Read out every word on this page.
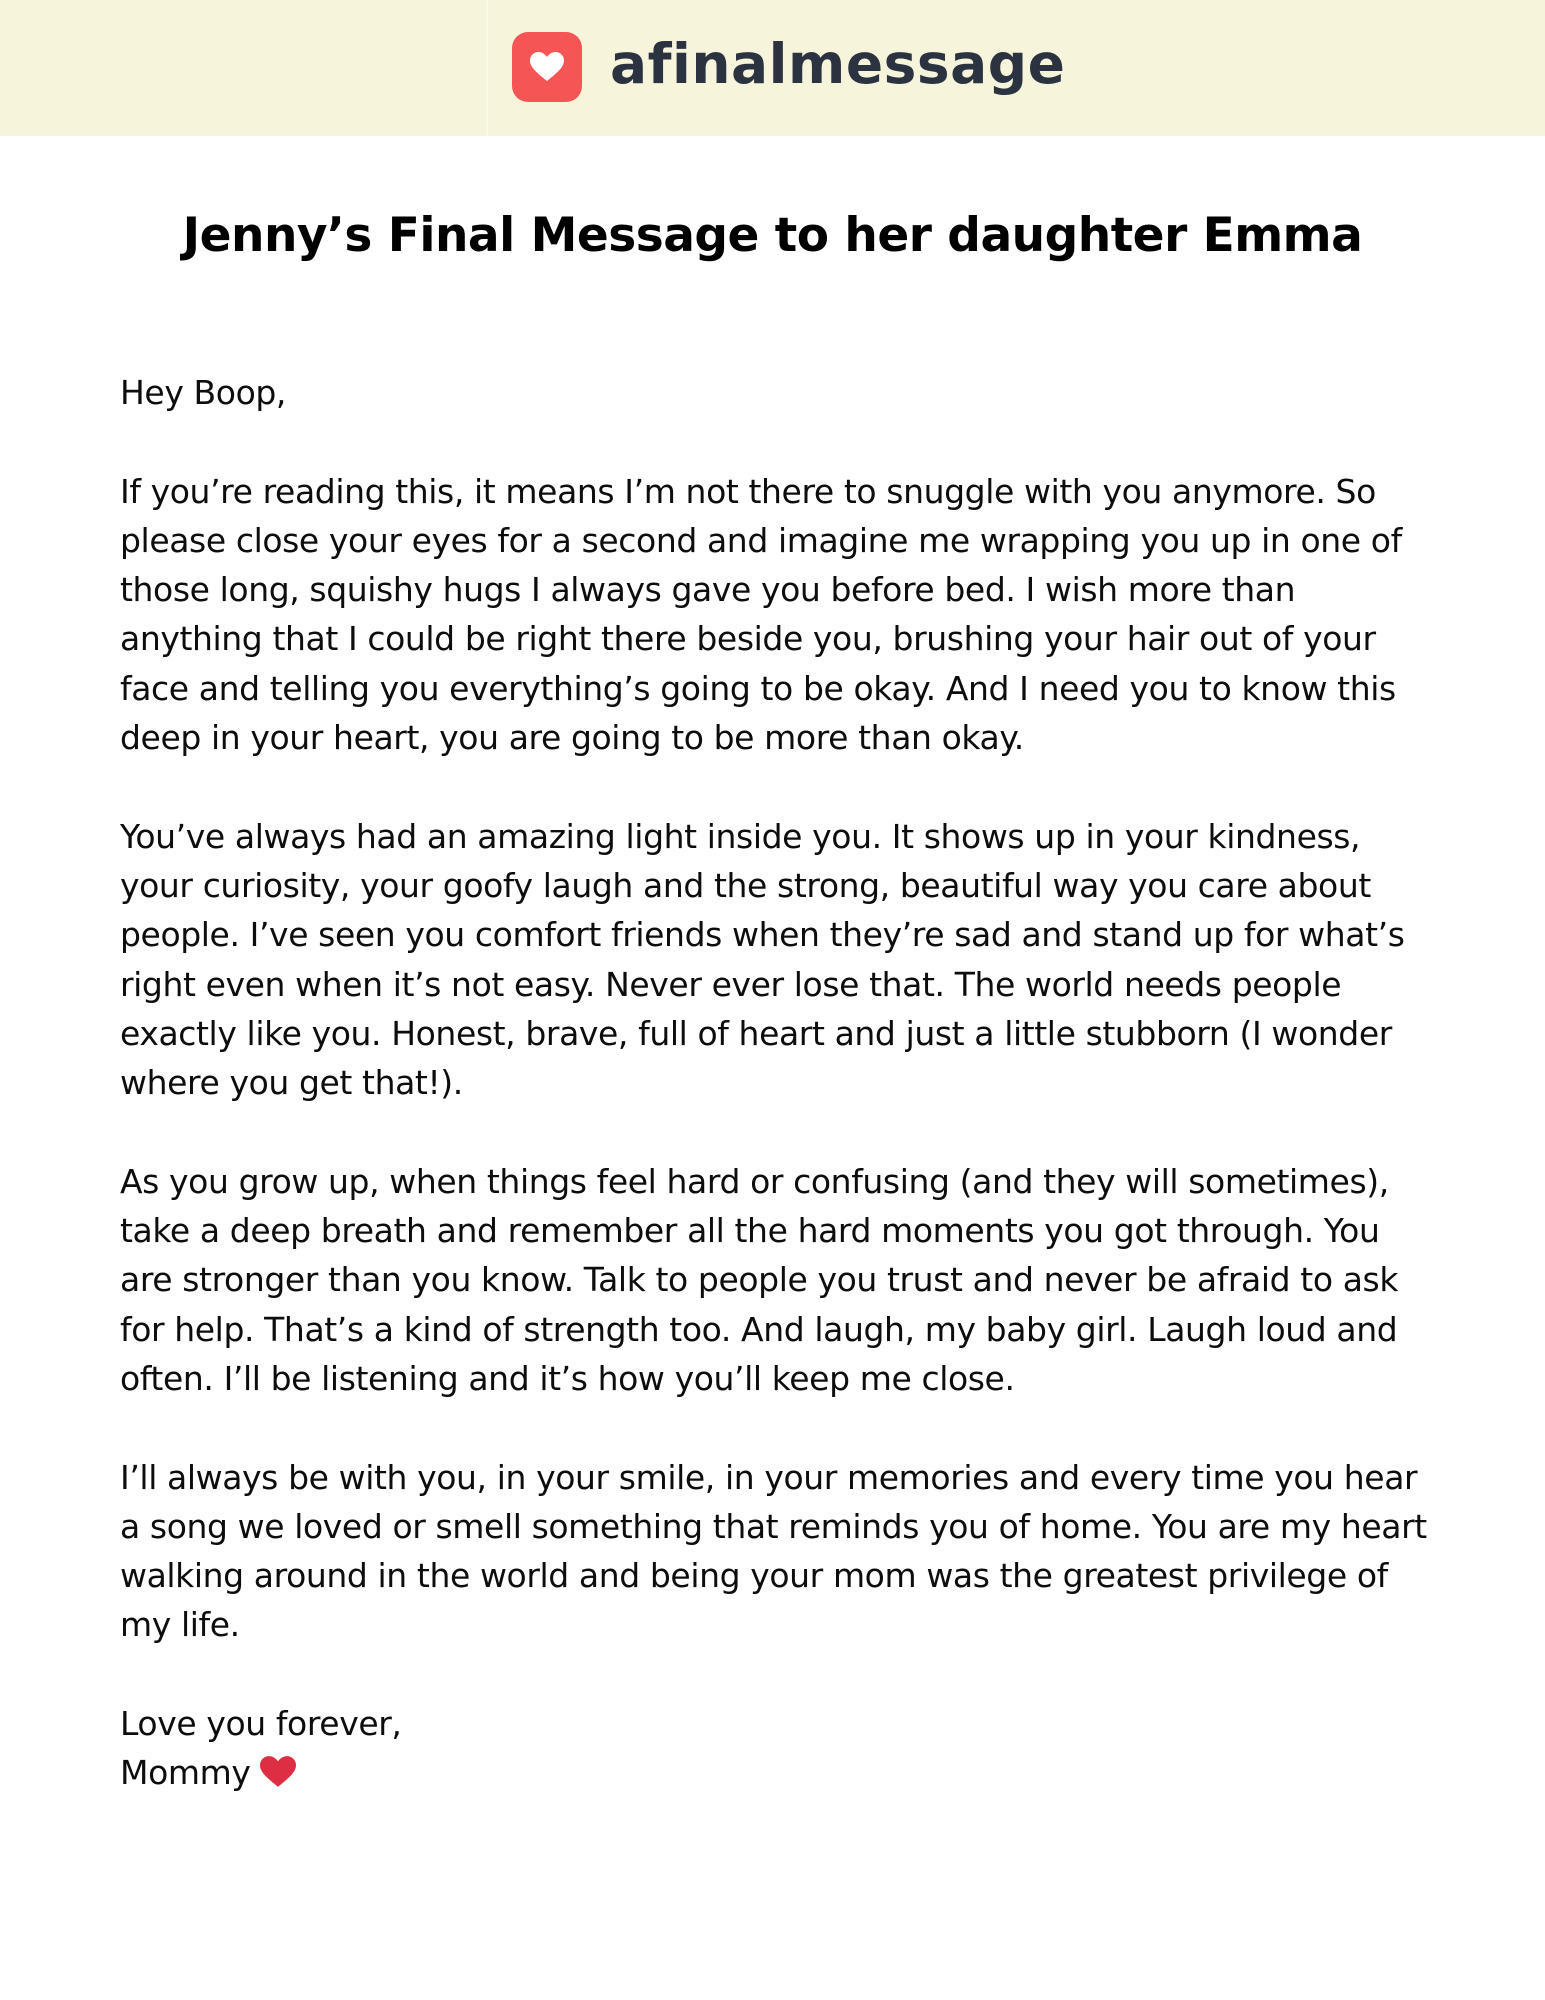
afinalmessage
Jenny’s Final Message to her daughter Emma

Hey Boop,

If you’re reading this, it means I’m not there to snuggle with you anymore. So please close your eyes for a second and imagine me wrapping you up in one of those long, squishy hugs I always gave you before bed. I wish more than anything that I could be right there beside you, brushing your hair out of your face and telling you everything’s going to be okay. And I need you to know this deep in your heart, you are going to be more than okay.

You’ve always had an amazing light inside you. It shows up in your kindness, your curiosity, your goofy laugh and the strong, beautiful way you care about people. I’ve seen you comfort friends when they’re sad and stand up for what’s right even when it’s not easy. Never ever lose that. The world needs people exactly like you. Honest, brave, full of heart and just a little stubborn (I wonder where you get that!).

As you grow up, when things feel hard or confusing (and they will sometimes), take a deep breath and remember all the hard moments you got through. You are stronger than you know. Talk to people you trust and never be afraid to ask for help. That’s a kind of strength too. And laugh, my baby girl. Laugh loud and often. I’ll be listening and it’s how you’ll keep me close.

I’ll always be with you, in your smile, in your memories and every time you hear a song we loved or smell something that reminds you of home. You are my heart walking around in the world and being your mom was the greatest privilege of my life.

Love you forever,

Mommy
